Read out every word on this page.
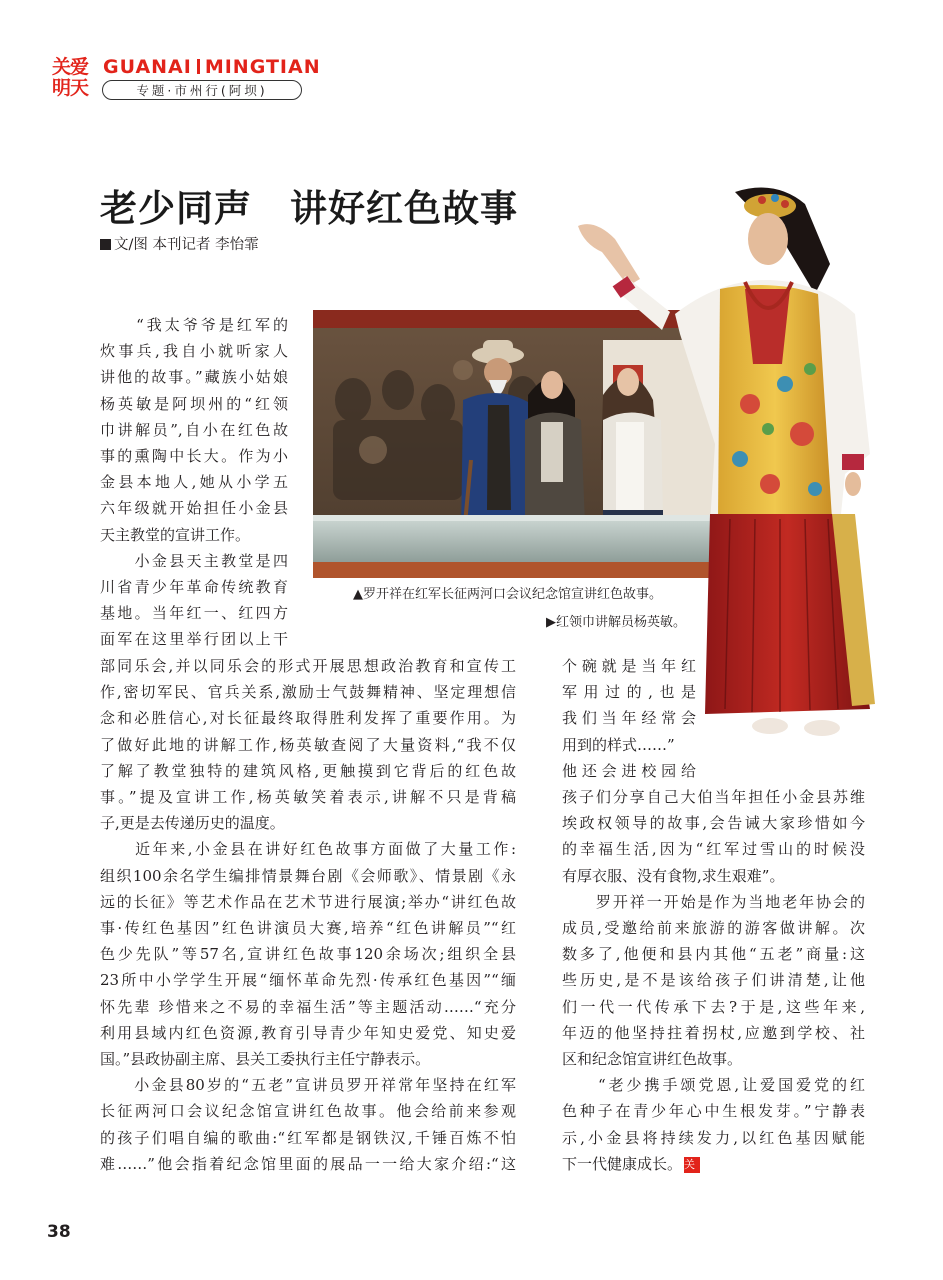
关爱
明天
GUANAI MINGTIAN
专题·市州行(阿坝)
老少同声　讲好红色故事
文/图 本刊记者 李怡霏
▲罗开祥在红军长征两河口会议纪念馆宣讲红色故事。
▶红领巾讲解员杨英敏。

　　“我太爷爷是红军的

炊事兵,我自小就听家人

讲他的故事。”藏族小姑娘

杨英敏是阿坝州的“红领

巾讲解员”,自小在红色故

事的熏陶中长大。作为小

金县本地人,她从小学五

六年级就开始担任小金县

天主教堂的宣讲工作。

　　小金县天主教堂是四

川省青少年革命传统教育

基地。当年红一、红四方

面军在这里举行团以上干

部同乐会,并以同乐会的形式开展思想政治教育和宣传工

作,密切军民、官兵关系,激励士气鼓舞精神、坚定理想信

念和必胜信心,对长征最终取得胜利发挥了重要作用。为

了做好此地的讲解工作,杨英敏查阅了大量资料,“我不仅

了解了教堂独特的建筑风格,更触摸到它背后的红色故

事。”提及宣讲工作,杨英敏笑着表示,讲解不只是背稿

子,更是去传递历史的温度。

　　近年来,小金县在讲好红色故事方面做了大量工作:

组织100余名学生编排情景舞台剧《会师歌》、情景剧《永

远的长征》等艺术作品在艺术节进行展演;举办“讲红色故

事·传红色基因”红色讲演员大赛,培养“红色讲解员”“红

色少先队”等57名,宣讲红色故事120余场次;组织全县

23所中小学学生开展“缅怀革命先烈·传承红色基因”“缅

怀先辈 珍惜来之不易的幸福生活”等主题活动……“充分

利用县域内红色资源,教育引导青少年知史爱党、知史爱

国。”县政协副主席、县关工委执行主任宁静表示。

　　小金县80岁的“五老”宣讲员罗开祥常年坚持在红军

长征两河口会议纪念馆宣讲红色故事。他会给前来参观

的孩子们唱自编的歌曲:“红军都是钢铁汉,千锤百炼不怕

难……”他会指着纪念馆里面的展品一一给大家介绍:“这

个碗就是当年红

军用过的,也是

我们当年经常会

用到的样式……”

他还会进校园给

孩子们分享自己大伯当年担任小金县苏维

埃政权领导的故事,会告诫大家珍惜如今

的幸福生活,因为“红军过雪山的时候没

有厚衣服、没有食物,求生艰难”。

　　罗开祥一开始是作为当地老年协会的

成员,受邀给前来旅游的游客做讲解。次

数多了,他便和县内其他“五老”商量:这

些历史,是不是该给孩子们讲清楚,让他

们一代一代传承下去?于是,这些年来,

年迈的他坚持拄着拐杖,应邀到学校、社

区和纪念馆宣讲红色故事。

　　“老少携手颂党恩,让爱国爱党的红

色种子在青少年心中生根发芽。”宁静表

示,小金县将持续发力,以红色基因赋能

下一代健康成长。 关

38
